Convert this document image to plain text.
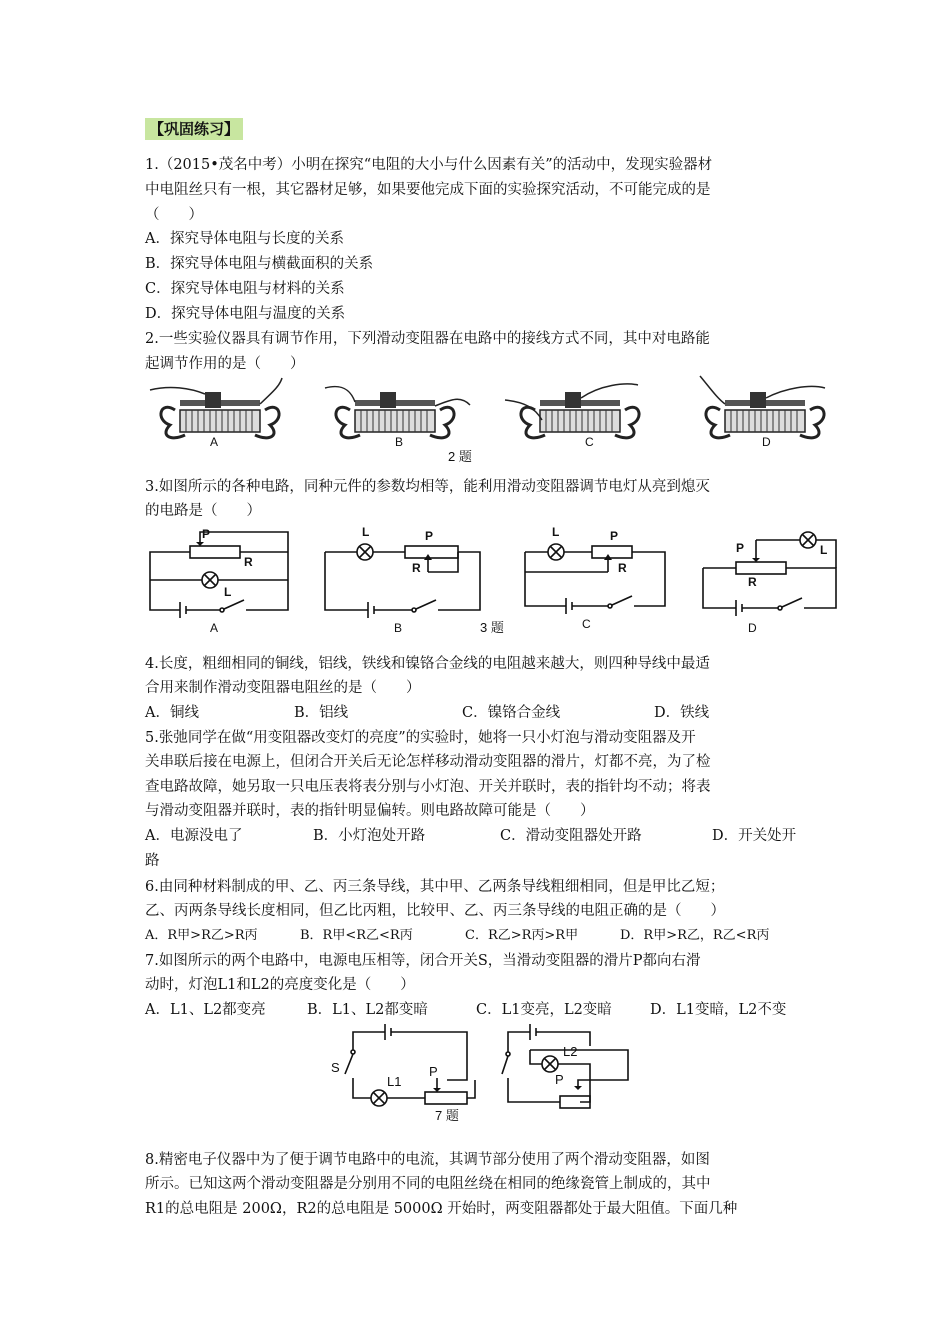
【巩固练习】
1.（2015•茂名中考）小明在探究“电阻的大小与什么因素有关”的活动中，发现实验器材
中电阻丝只有一根，其它器材足够，如果要他完成下面的实验探究活动，不可能完成的是
（　　）
A．探究导体电阻与长度的关系
B．探究导体电阻与横截面积的关系
C．探究导体电阻与材料的关系
D．探究导体电阻与温度的关系
2.一些实验仪器具有调节作用，下列滑动变阻器在电路中的接线方式不同，其中对电路能
起调节作用的是（　　）
A	B	C	D
2 题
3.如图所示的各种电路，同种元件的参数均相等，能利用滑动变阻器调节电灯从亮到熄灭
的电路是（　　）
P
R
L
A
L	P
R
B	3 题
L	P
R
C
P
R
L
D
4.长度，粗细相同的铜线，铝线，铁线和镍铬合金线的电阻越来越大，则四种导线中最适
合用来制作滑动变阻器电阻丝的是（　　）
A．铜线	B．铝线	C．镍铬合金线	D．铁线
5.张弛同学在做“用变阻器改变灯的亮度”的实验时，她将一只小灯泡与滑动变阻器及开
关串联后接在电源上，但闭合开关后无论怎样移动滑动变阻器的滑片，灯都不亮，为了检
查电路故障，她另取一只电压表将表分别与小灯泡、开关并联时，表的指针均不动；将表
与滑动变阻器并联时，表的指针明显偏转。则电路故障可能是（　　）
A．电源没电了	B．小灯泡处开路	C．滑动变阻器处开路	D．开关处开
路
6.由同种材料制成的甲、乙、丙三条导线，其中甲、乙两条导线粗细相同，但是甲比乙短；
乙、丙两条导线长度相同，但乙比丙粗，比较甲、乙、丙三条导线的电阻正确的是（　　）
A．R甲>R乙>R丙	B．R甲<R乙<R丙	C．R乙>R丙>R甲	D．R甲>R乙，R乙<R丙
7.如图所示的两个电路中，电源电压相等，闭合开关S，当滑动变阻器的滑片P都向右滑
动时，灯泡L1和L2的亮度变化是（　　）
A．L1、L2都变亮	B．L1、L2都变暗	C．L1变亮，L2变暗	D．L1变暗，L2不变
S
L1
P
7 题
L2
P
8.精密电子仪器中为了便于调节电路中的电流，其调节部分使用了两个滑动变阻器，如图
所示。已知这两个滑动变阻器是分别用不同的电阻丝绕在相同的绝缘瓷管上制成的，其中
R1的总电阻是 200Ω，R2的总电阻是 5000Ω 开始时，两变阻器都处于最大阻值。下面几种
